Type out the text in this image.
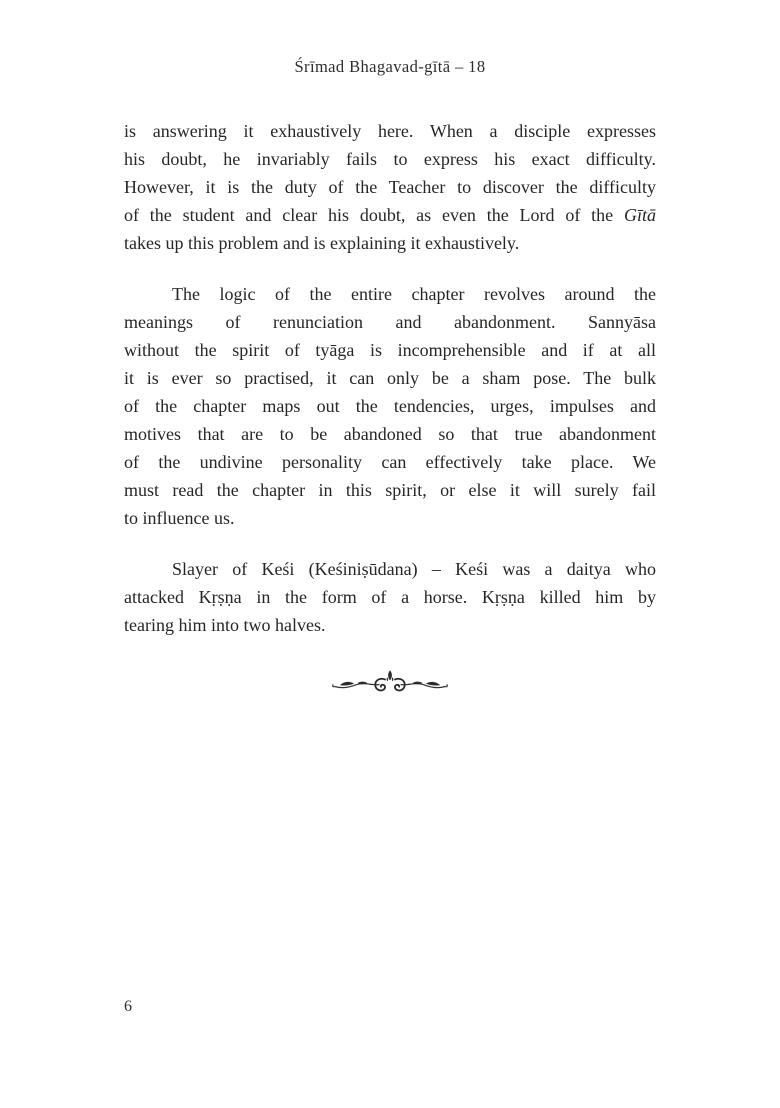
Śrīmad Bhagavad-gītā – 18

is answering it exhaustively here. When a disciple expresses
his doubt, he invariably fails to express his exact difficulty.
However, it is the duty of the Teacher to discover the difficulty
of the student and clear his doubt, as even the Lord of the Gītā
takes up this problem and is explaining it exhaustively.

The logic of the entire chapter revolves around the
meanings of renunciation and abandonment. Sannyāsa
without the spirit of tyāga is incomprehensible and if at all
it is ever so practised, it can only be a sham pose. The bulk
of the chapter maps out the tendencies, urges, impulses and
motives that are to be abandoned so that true abandonment
of the undivine personality can effectively take place. We
must read the chapter in this spirit, or else it will surely fail
to influence us.

Slayer of Keśi (Keśiniṣūdana) – Keśi was a daitya who
attacked Kṛṣṇa in the form of a horse. Kṛṣṇa killed him by
tearing him into two halves.

6
